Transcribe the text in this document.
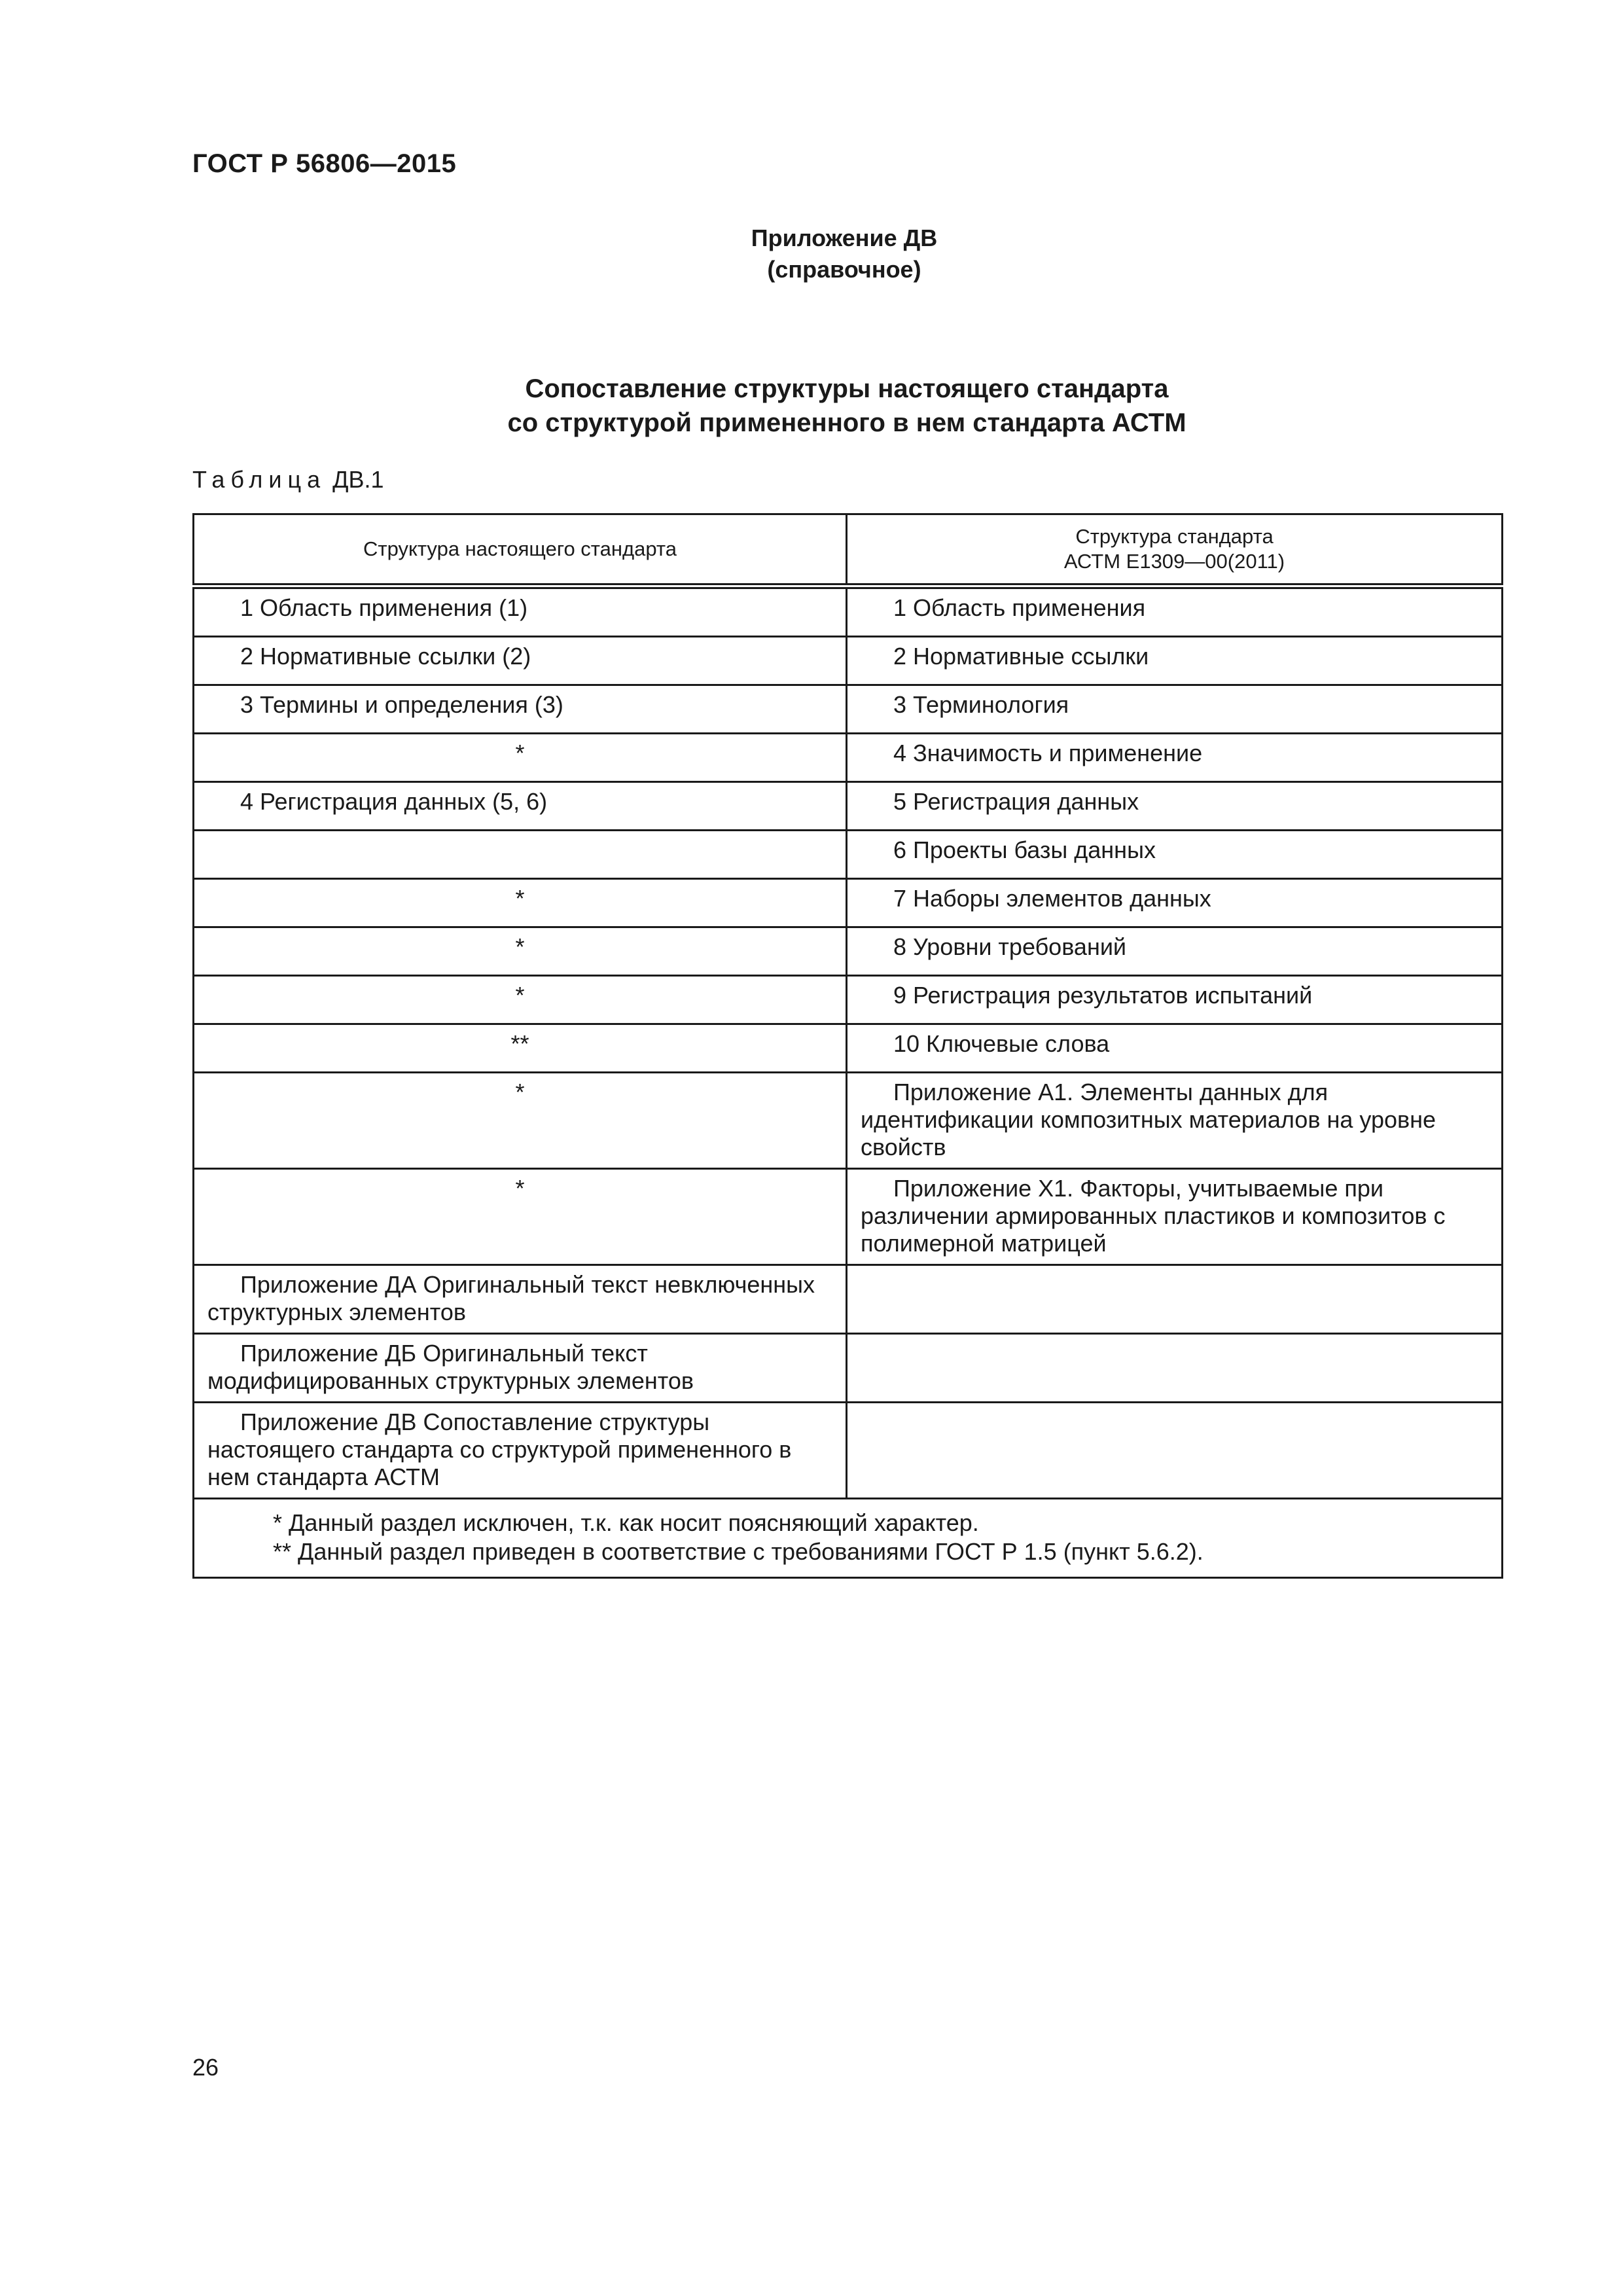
ГОСТ Р 56806—2015
Приложение ДВ
(справочное)
Сопоставление структуры настоящего стандарта
со структурой примененного в нем стандарта АСТМ
Таблица ДВ.1
Структура настоящего стандарта	Структура стандарта
АСТМ Е1309—00(2011)

1 Область применения (1)	1 Область применения
2 Нормативные ссылки (2)	2 Нормативные ссылки
3 Термины и определения (3)	3 Терминология
*	4 Значимость и применение
4 Регистрация данных (5, 6)	5 Регистрация данных
	6 Проекты базы данных
*	7 Наборы элементов данных
*	8 Уровни требований
*	9 Регистрация результатов испытаний
**	10 Ключевые слова
*	Приложение А1. Элементы данных для идентификации композитных материалов на уровне свойств
*	Приложение Х1. Факторы, учитываемые при различении армированных пластиков и композитов с полимерной матрицей
Приложение ДА Оригинальный текст невключенных структурных элементов	
Приложение ДБ Оригинальный текст модифицированных структурных элементов	
Приложение ДВ Сопоставление структуры настоящего стандарта со структурой примененного в нем стандарта АСТМ	

* Данный раздел исключен, т.к. как носит поясняющий характер.
** Данный раздел приведен в соответствие с требованиями ГОСТ Р 1.5 (пункт 5.6.2).	
26
